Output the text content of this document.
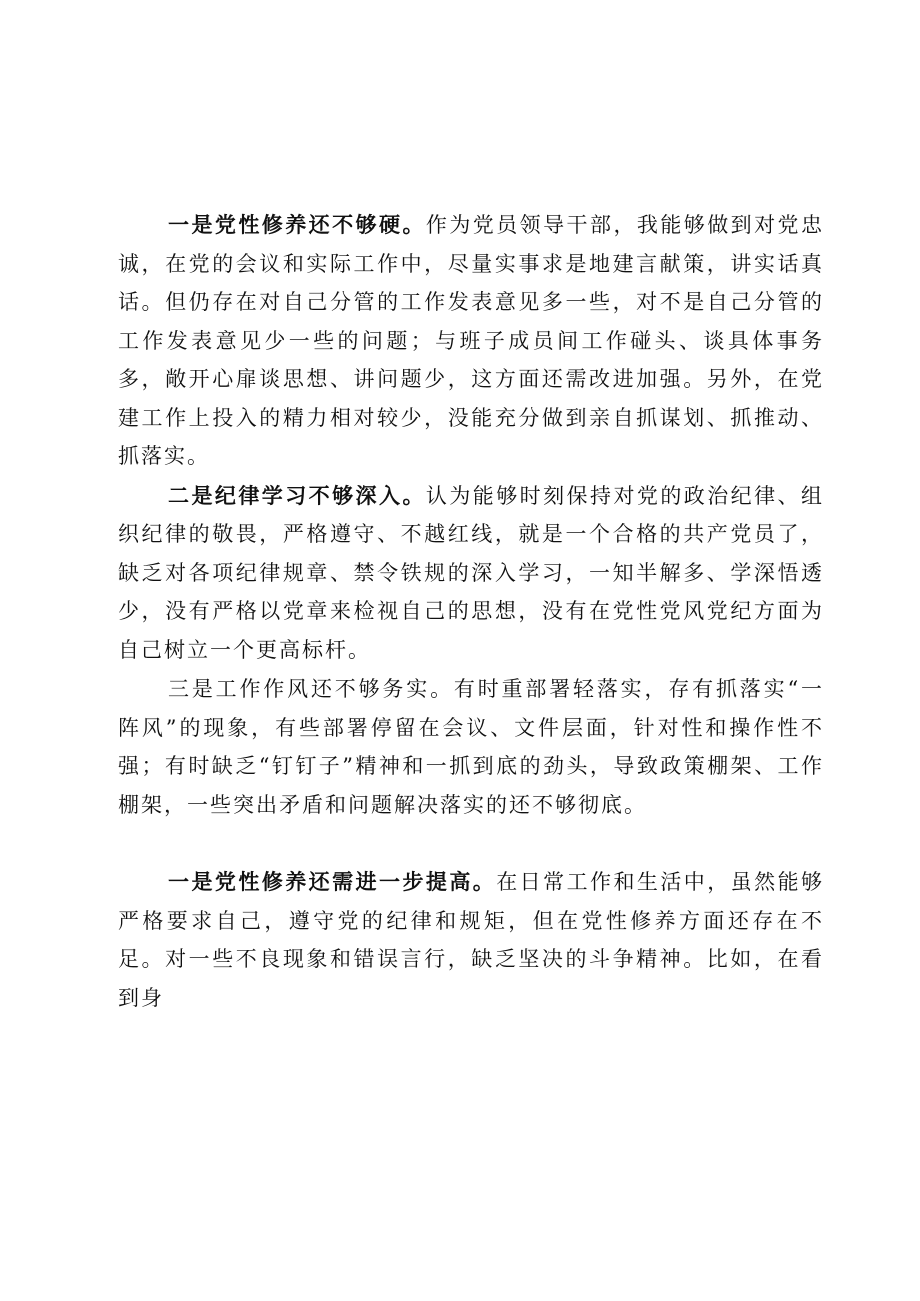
一是党性修养还不够硬。作为党员领导干部，我能够做到对党忠诚，在党的会议和实际工作中，尽量实事求是地建言献策，讲实话真话。但仍存在对自己分管的工作发表意见多一些，对不是自己分管的工作发表意见少一些的问题；与班子成员间工作碰头、谈具体事务多，敞开心扉谈思想、讲问题少，这方面还需改进加强。另外，在党建工作上投入的精力相对较少，没能充分做到亲自抓谋划、抓推动、抓落实。

二是纪律学习不够深入。认为能够时刻保持对党的政治纪律、组织纪律的敬畏，严格遵守、不越红线，就是一个合格的共产党员了，缺乏对各项纪律规章、禁令铁规的深入学习，一知半解多、学深悟透少，没有严格以党章来检视自己的思想，没有在党性党风党纪方面为自己树立一个更高标杆。

三是工作作风还不够务实。有时重部署轻落实，存有抓落实“一阵风”的现象，有些部署停留在会议、文件层面，针对性和操作性不强；有时缺乏“钉钉子”精神和一抓到底的劲头，导致政策棚架、工作棚架，一些突出矛盾和问题解决落实的还不够彻底。

一是党性修养还需进一步提高。在日常工作和生活中，虽然能够严格要求自己，遵守党的纪律和规矩，但在党性修养方面还存在不足。对一些不良现象和错误言行，缺乏坚决的斗争精神。比如，在看到身
